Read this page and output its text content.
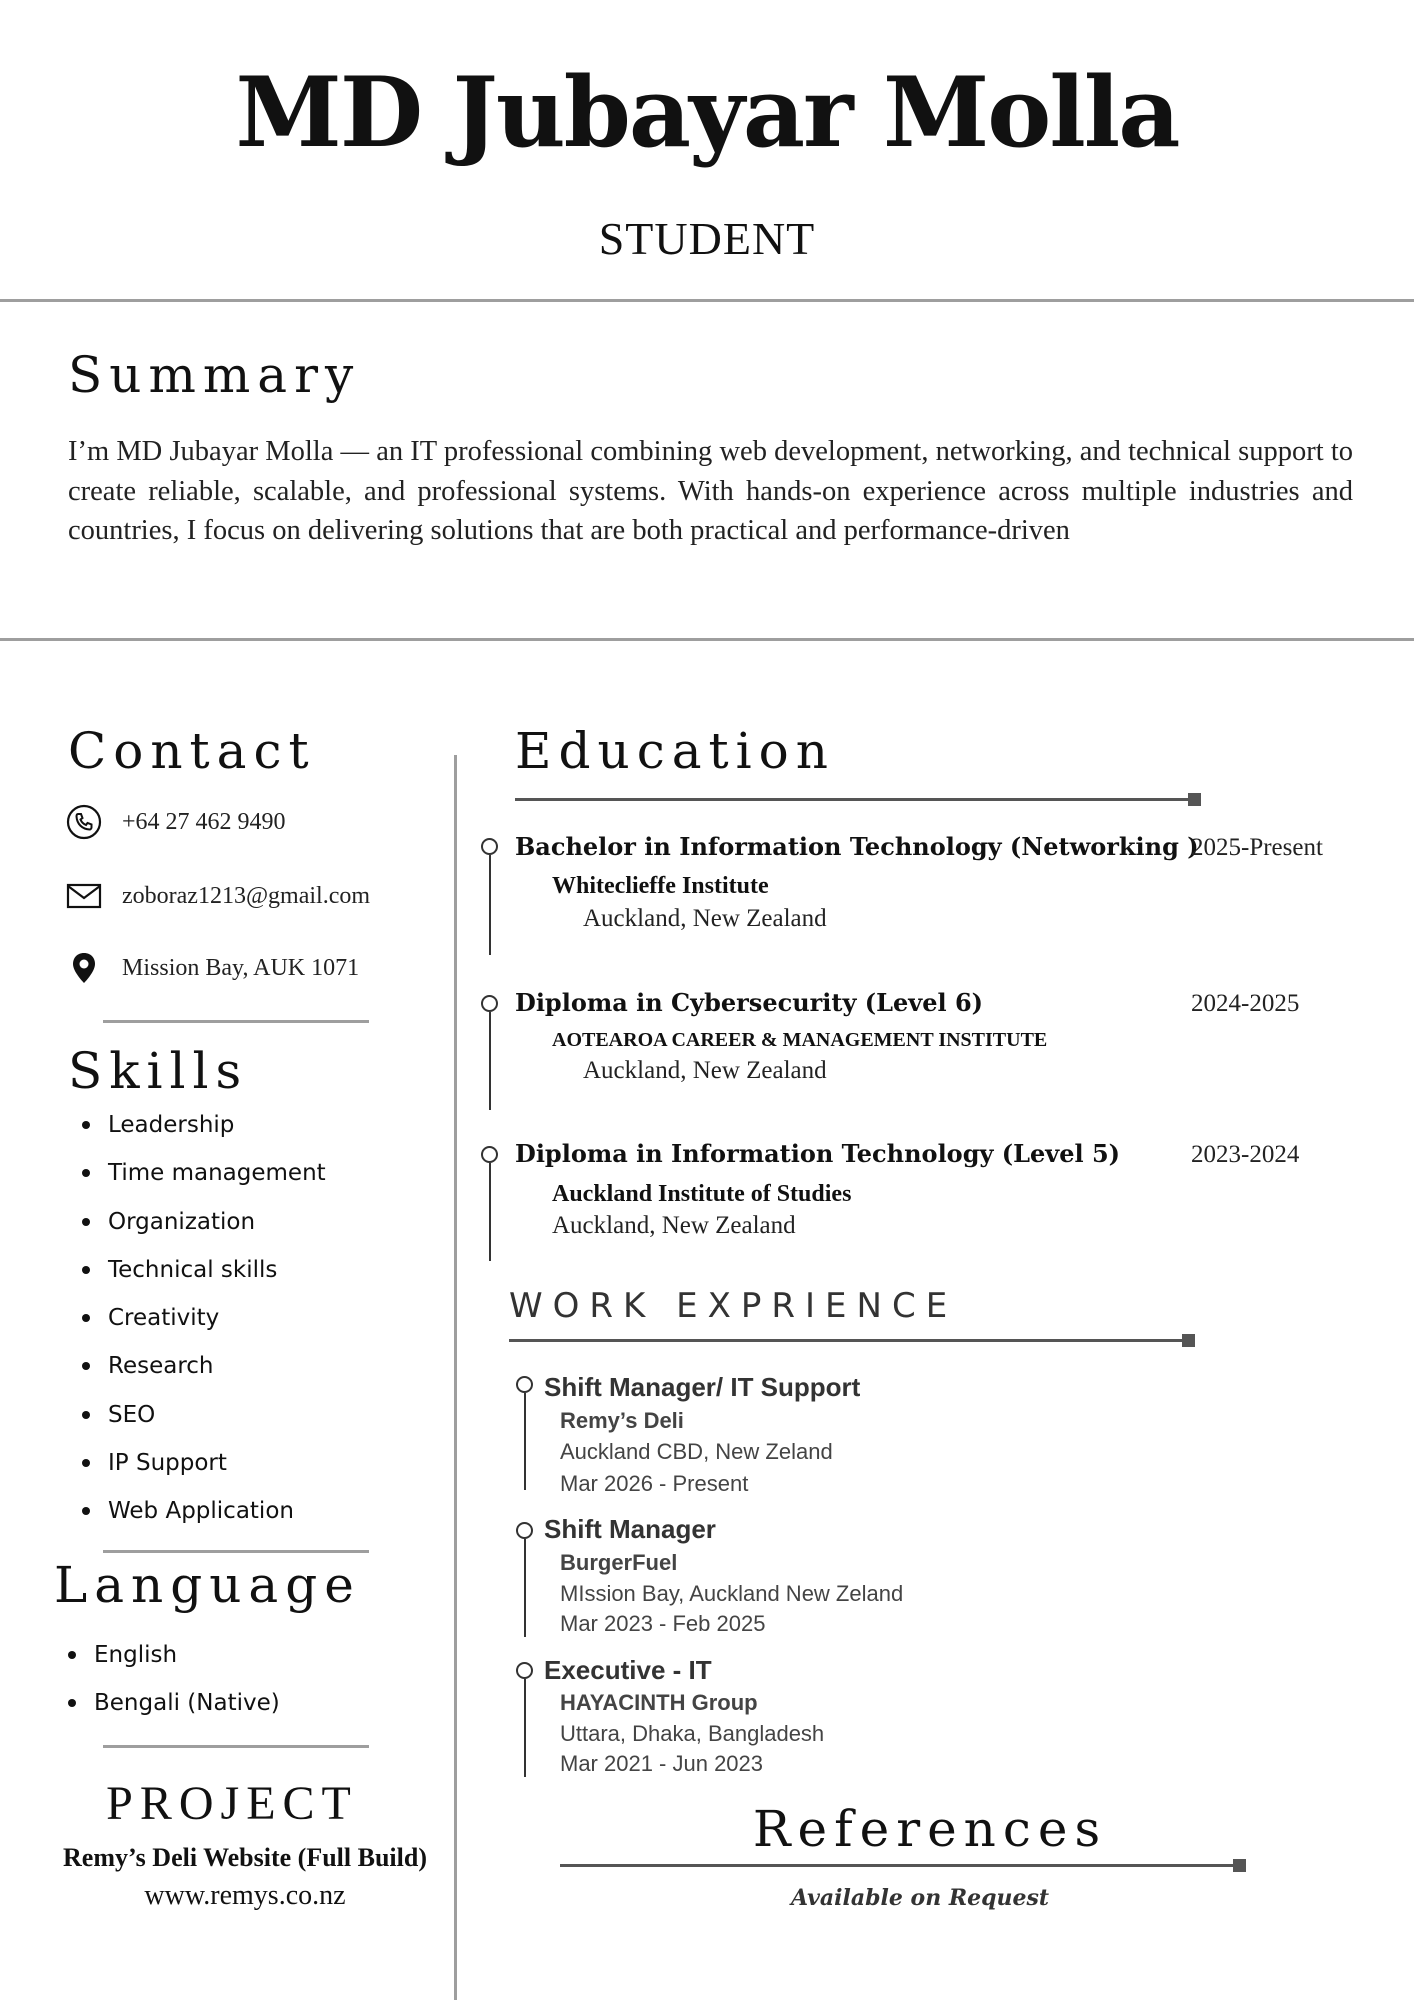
MD Jubayar Molla
STUDENT
Summary
I’m MD Jubayar Molla — an IT professional combining web development, networking, and technical support to create reliable, scalable, and professional systems. With hands-on experience across multiple industries and countries, I focus on delivering solutions that are both practical and performance-driven
Contact
+64 27 462 9490
zoboraz1213@gmail.com
Mission Bay, AUK 1071
Skills
Leadership
Time management
Organization
Technical skills
Creativity
Research
SEO
IP Support
Web Application
Language
English
Bengali (Native)
PROJECT
Remy’s Deli Website (Full Build)
www.remys.co.nz
Education
Bachelor in Information Technology (Networking )
2025-Present
Whiteclieffe Institute
Auckland, New Zealand
Diploma in Cybersecurity (Level 6)	2024-2025
AOTEAROA CAREER & MANAGEMENT INSTITUTE
Auckland, New Zealand
Diploma in Information Technology (Level 5)	2023-2024
Auckland Institute of Studies
Auckland, New Zealand
WORK EXPRIENCE
Shift Manager/ IT Support
Remy’s Deli
Auckland CBD, New Zeland
Mar 2026 - Present
Shift Manager
BurgerFuel
MIssion Bay, Auckland New Zeland
Mar 2023 - Feb 2025
Executive - IT
HAYACINTH Group
Uttara, Dhaka, Bangladesh
Mar 2021 - Jun 2023
References
Available on Request
